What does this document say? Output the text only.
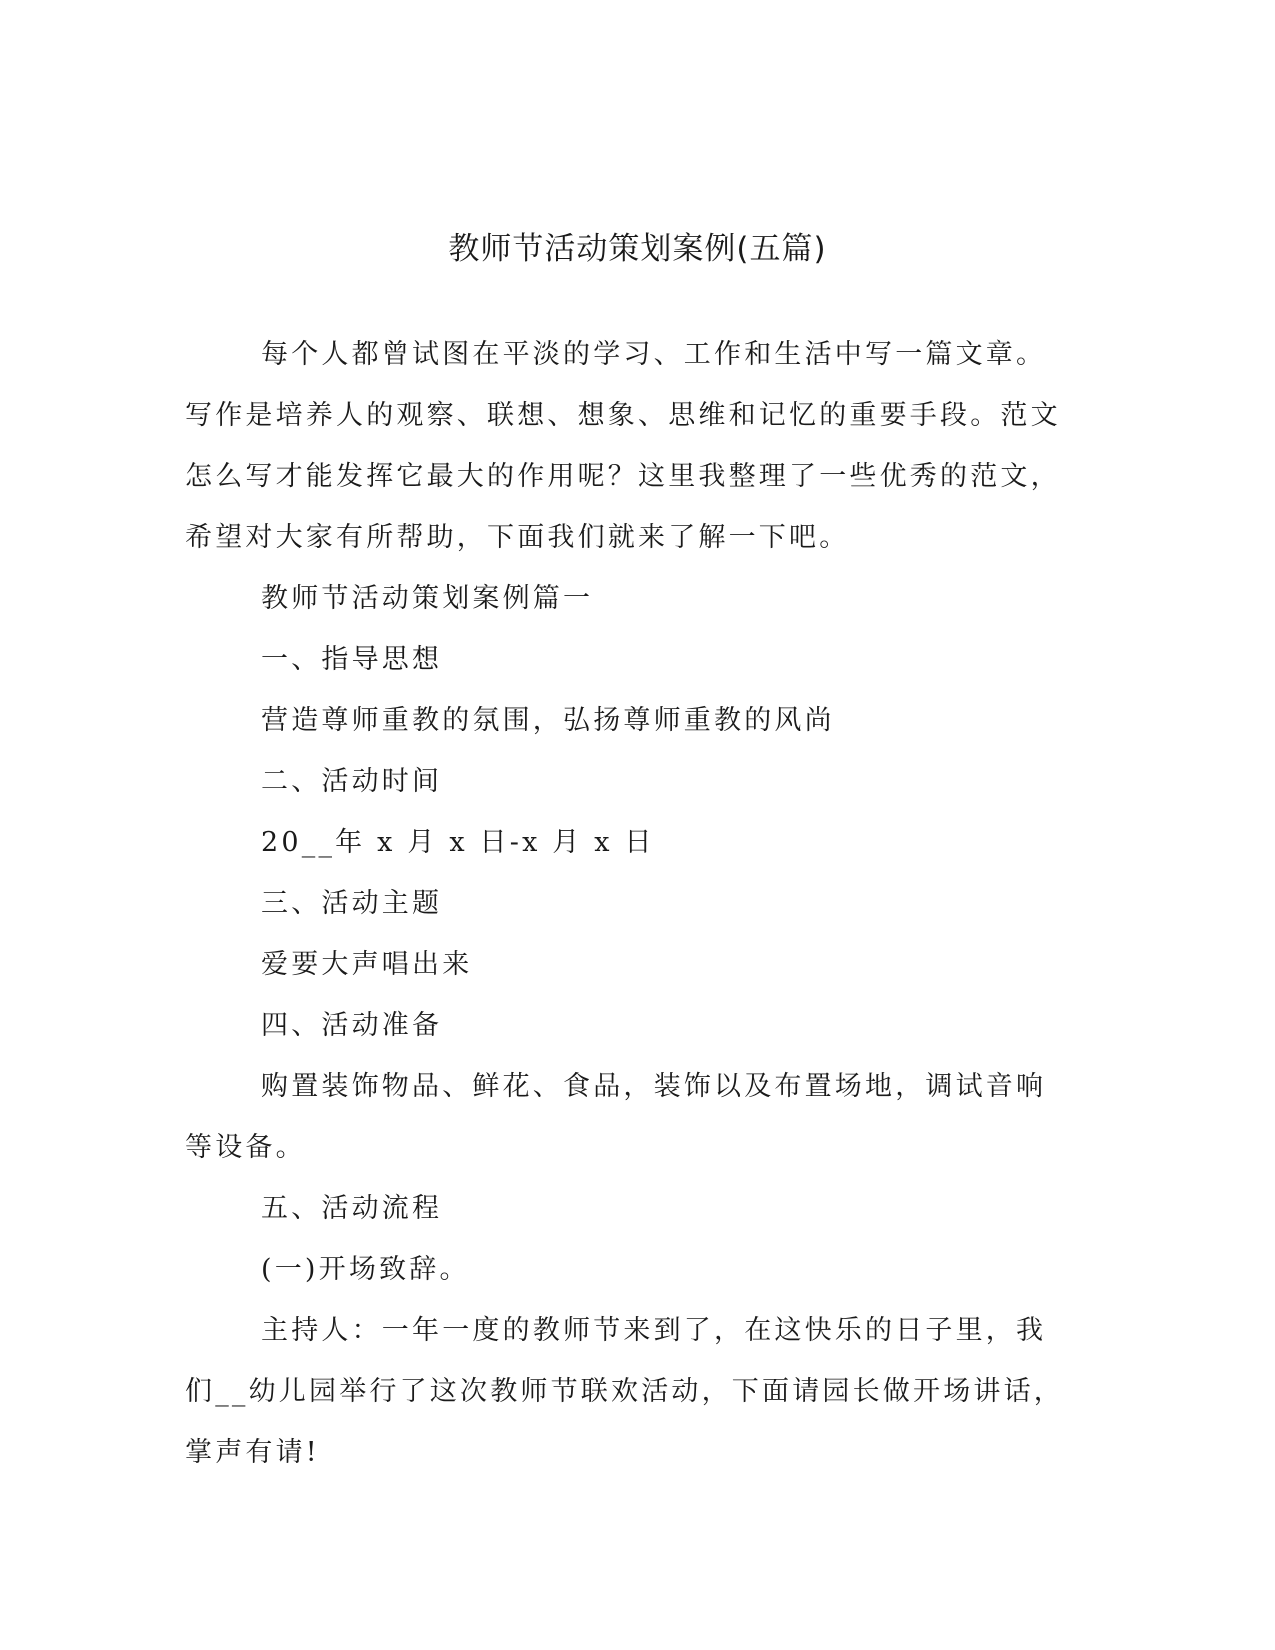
教师节活动策划案例(五篇)

每个人都曾试图在平淡的学习、工作和生活中写一篇文章。写作是培养人的观察、联想、想象、思维和记忆的重要手段。范文怎么写才能发挥它最大的作用呢？这里我整理了一些优秀的范文，希望对大家有所帮助，下面我们就来了解一下吧。

教师节活动策划案例篇一

一、指导思想

营造尊师重教的氛围，弘扬尊师重教的风尚

二、活动时间

20__年 x 月 x 日-x 月 x 日

三、活动主题

爱要大声唱出来

四、活动准备

购置装饰物品、鲜花、食品，装饰以及布置场地，调试音响等设备。

五、活动流程

(一)开场致辞。

主持人：一年一度的教师节来到了，在这快乐的日子里，我们__幼儿园举行了这次教师节联欢活动，下面请园长做开场讲话，掌声有请!
